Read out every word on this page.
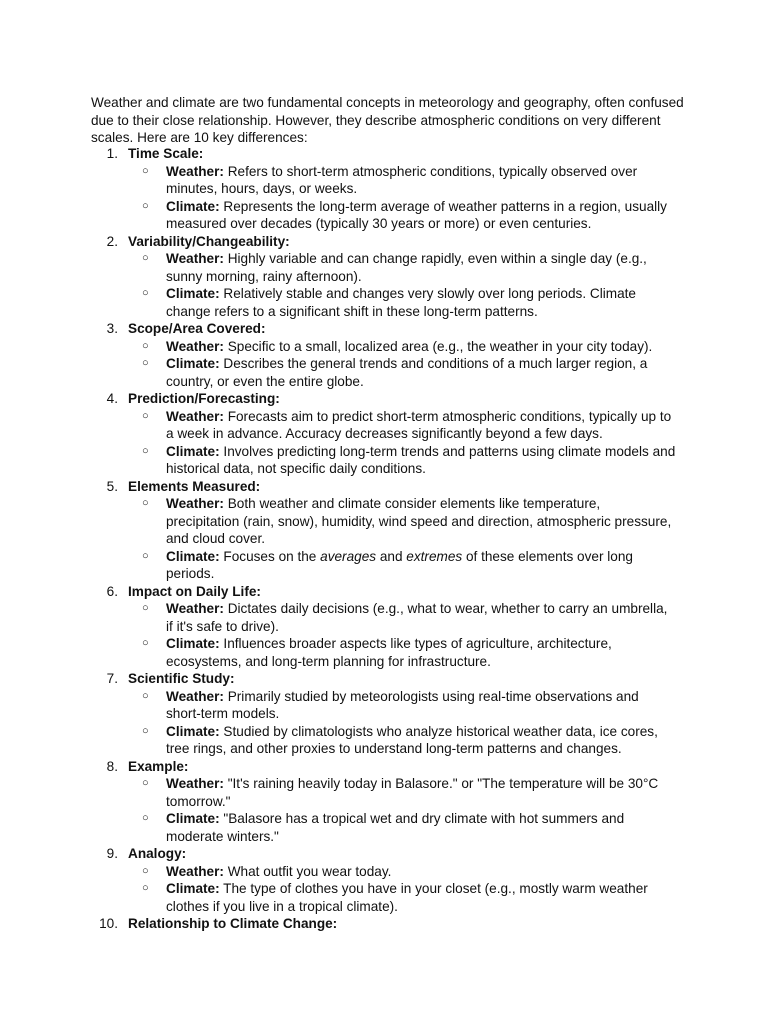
Weather and climate are two fundamental concepts in meteorology and geography, often confused due to their close relationship. However, they describe atmospheric conditions on very different scales. Here are 10 key differences:

1. Time Scale:
○ Weather: Refers to short-term atmospheric conditions, typically observed over minutes, hours, days, or weeks.
○ Climate: Represents the long-term average of weather patterns in a region, usually measured over decades (typically 30 years or more) or even centuries.
2. Variability/Changeability:
○ Weather: Highly variable and can change rapidly, even within a single day (e.g., sunny morning, rainy afternoon).
○ Climate: Relatively stable and changes very slowly over long periods. Climate change refers to a significant shift in these long-term patterns.
3. Scope/Area Covered:
○ Weather: Specific to a small, localized area (e.g., the weather in your city today).
○ Climate: Describes the general trends and conditions of a much larger region, a country, or even the entire globe.
4. Prediction/Forecasting:
○ Weather: Forecasts aim to predict short-term atmospheric conditions, typically up to a week in advance. Accuracy decreases significantly beyond a few days.
○ Climate: Involves predicting long-term trends and patterns using climate models and historical data, not specific daily conditions.
5. Elements Measured:
○ Weather: Both weather and climate consider elements like temperature, precipitation (rain, snow), humidity, wind speed and direction, atmospheric pressure, and cloud cover.
○ Climate: Focuses on the averages and extremes of these elements over long periods.
6. Impact on Daily Life:
○ Weather: Dictates daily decisions (e.g., what to wear, whether to carry an umbrella, if it's safe to drive).
○ Climate: Influences broader aspects like types of agriculture, architecture, ecosystems, and long-term planning for infrastructure.
7. Scientific Study:
○ Weather: Primarily studied by meteorologists using real-time observations and short-term models.
○ Climate: Studied by climatologists who analyze historical weather data, ice cores, tree rings, and other proxies to understand long-term patterns and changes.
8. Example:
○ Weather: "It's raining heavily today in Balasore." or "The temperature will be 30°C tomorrow."
○ Climate: "Balasore has a tropical wet and dry climate with hot summers and moderate winters."
9. Analogy:
○ Weather: What outfit you wear today.
○ Climate: The type of clothes you have in your closet (e.g., mostly warm weather clothes if you live in a tropical climate).
10. Relationship to Climate Change:
